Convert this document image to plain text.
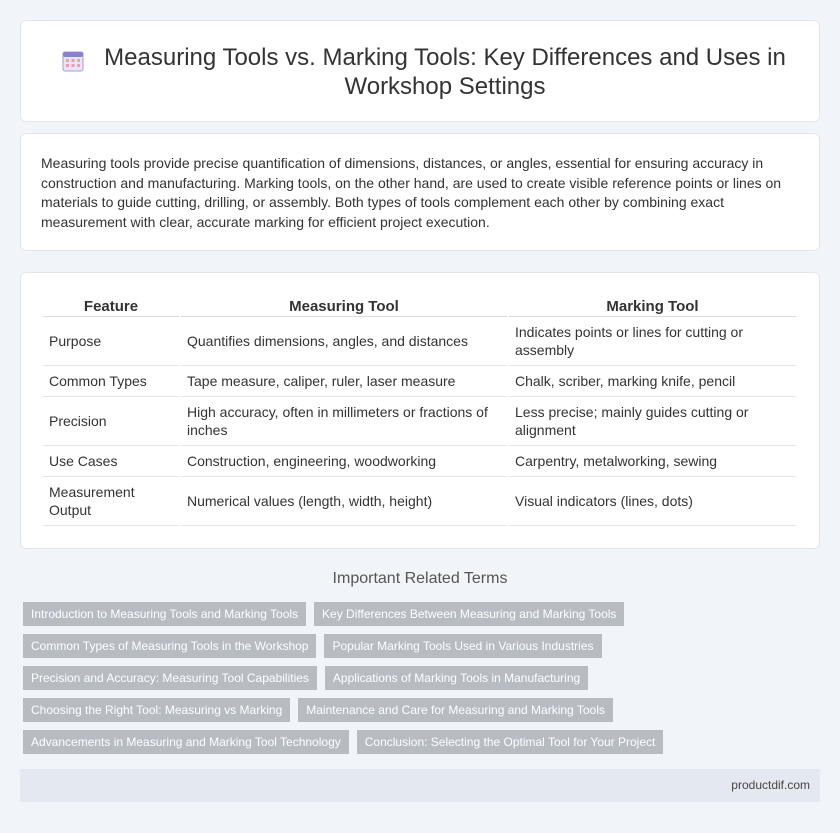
Measuring Tools vs. Marking Tools: Key Differences and Uses in Workshop Settings

Measuring tools provide precise quantification of dimensions, distances, or angles, essential for ensuring accuracy in construction and manufacturing. Marking tools, on the other hand, are used to create visible reference points or lines on materials to guide cutting, drilling, or assembly. Both types of tools complement each other by combining exact measurement with clear, accurate marking for efficient project execution.

Feature	Measuring Tool	Marking Tool
Purpose	Quantifies dimensions, angles, and distances	Indicates points or lines for cutting or assembly
Common Types	Tape measure, caliper, ruler, laser measure	Chalk, scriber, marking knife, pencil
Precision	High accuracy, often in millimeters or fractions of inches	Less precise; mainly guides cutting or alignment
Use Cases	Construction, engineering, woodworking	Carpentry, metalworking, sewing
Measurement Output	Numerical values (length, width, height)	Visual indicators (lines, dots)
Important Related Terms
Introduction to Measuring Tools and Marking Tools	Key Differences Between Measuring and Marking Tools
Common Types of Measuring Tools in the Workshop	Popular Marking Tools Used in Various Industries
Precision and Accuracy: Measuring Tool Capabilities	Applications of Marking Tools in Manufacturing
Choosing the Right Tool: Measuring vs Marking	Maintenance and Care for Measuring and Marking Tools
Advancements in Measuring and Marking Tool Technology	Conclusion: Selecting the Optimal Tool for Your Project
productdif.com
